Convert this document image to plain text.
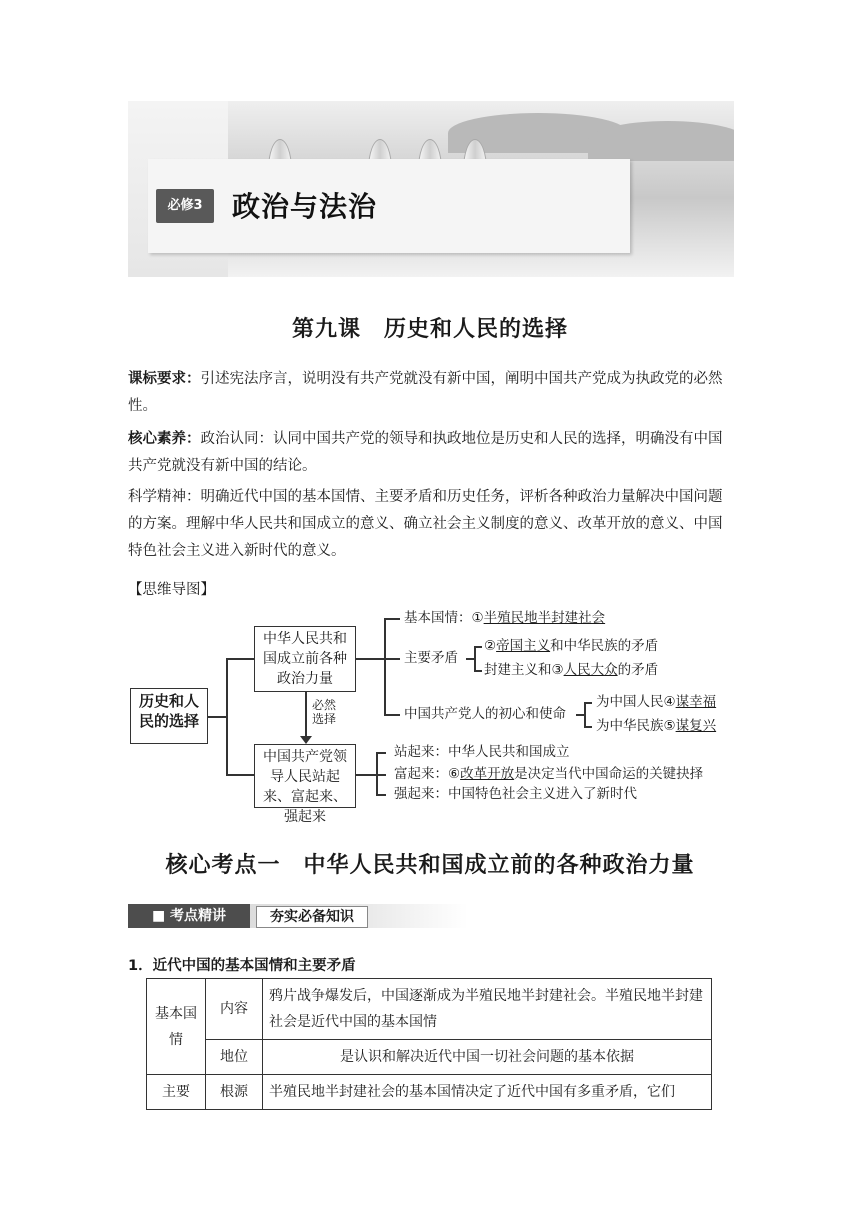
必修3	政治与法治
第九课　历史和人民的选择
课标要求：引述宪法序言，说明没有共产党就没有新中国，阐明中国共产党成为执政党的必然性。
核心素养：政治认同：认同中国共产党的领导和执政地位是历史和人民的选择，明确没有中国共产党就没有新中国的结论。
科学精神：明确近代中国的基本国情、主要矛盾和历史任务，评析各种政治力量解决中国问题的方案。理解中华人民共和国成立的意义、确立社会主义制度的意义、改革开放的意义、中国特色社会主义进入新时代的意义。
【思维导图】
历史和人民的选择
中华人民共和国成立前各种政治力量
基本国情：①半殖民地半封建社会
主要矛盾
②帝国主义和中华民族的矛盾
封建主义和③人民大众的矛盾
中国共产党人的初心和使命
为中国人民④谋幸福
为中华民族⑤谋复兴
必然选择
中国共产党领导人民站起来、富起来、强起来
站起来：中华人民共和国成立
富起来：⑥改革开放是决定当代中国命运的关键抉择
强起来：中国特色社会主义进入了新时代
核心考点一　中华人民共和国成立前的各种政治力量
■ 考点精讲	夯实必备知识
1．近代中国的基本国情和主要矛盾
基本国情	内容	鸦片战争爆发后，中国逐渐成为半殖民地半封建社会。半殖民地半封建社会是近代中国的基本国情
	地位	是认识和解决近代中国一切社会问题的基本依据
主要	根源	半殖民地半封建社会的基本国情决定了近代中国有多重矛盾，它们
